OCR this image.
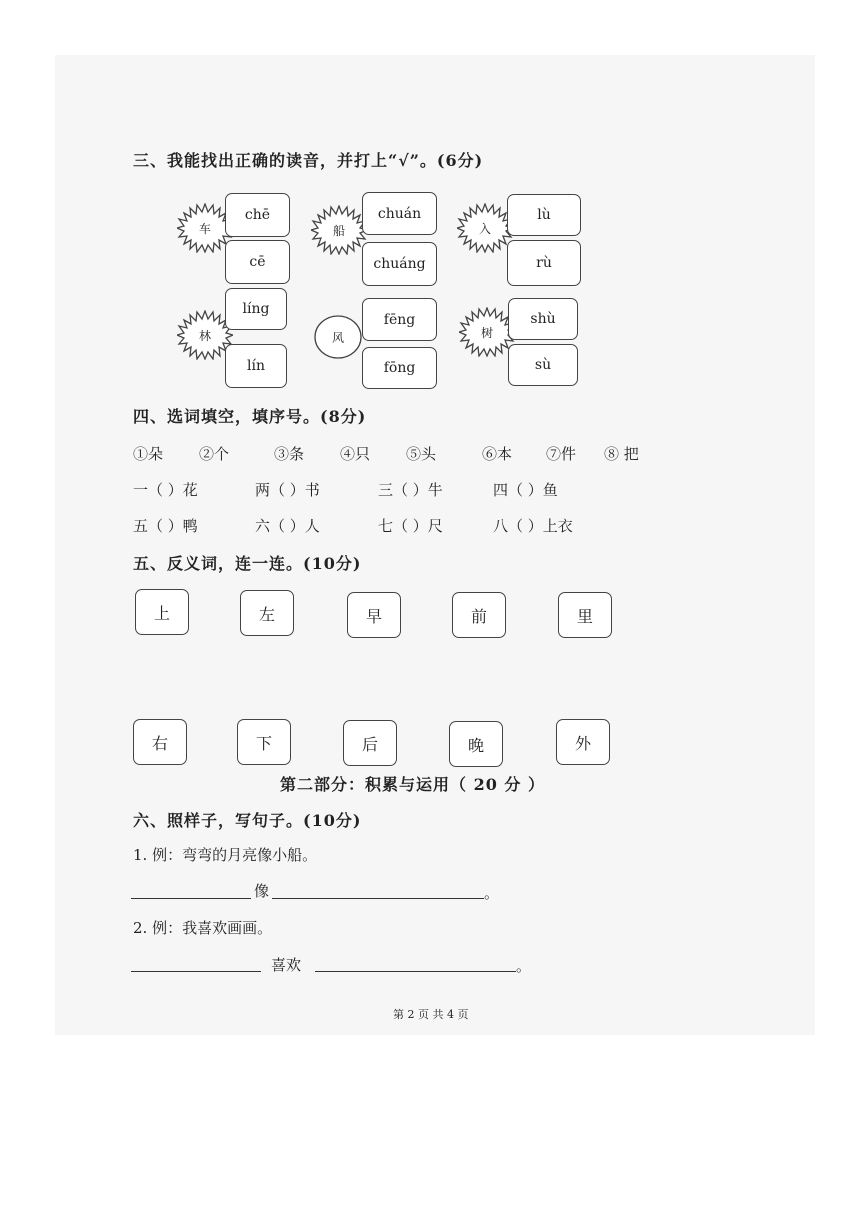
三、我能找出正确的读音，并打上“√”。(6分)
车
chē
cē
船
chuán
chuáng
入
lù
rù
林
líng
lín
风
fēng
fōng
树
shù
sù
四、选词填空，填序号。(8分)
①朵 ②个	③条 ④只 ⑤头	⑥本 ⑦件 ⑧ 把
一（ ）花	两（ ）书	三（ ）牛	四（ ）鱼
五（ ）鸭	六（ ）人	七（ ）尺	八（ ）上衣
五、反义词，连一连。(10分)
上	左	早	前	里
右	下	后	晚	外
第二部分：积累与运用（ 20 分 ）
六、照样子，写句子。(10分)
1. 例：弯弯的月亮像小船。
像	。
2. 例：我喜欢画画。
喜欢	。
第 2 页 共 4 页
